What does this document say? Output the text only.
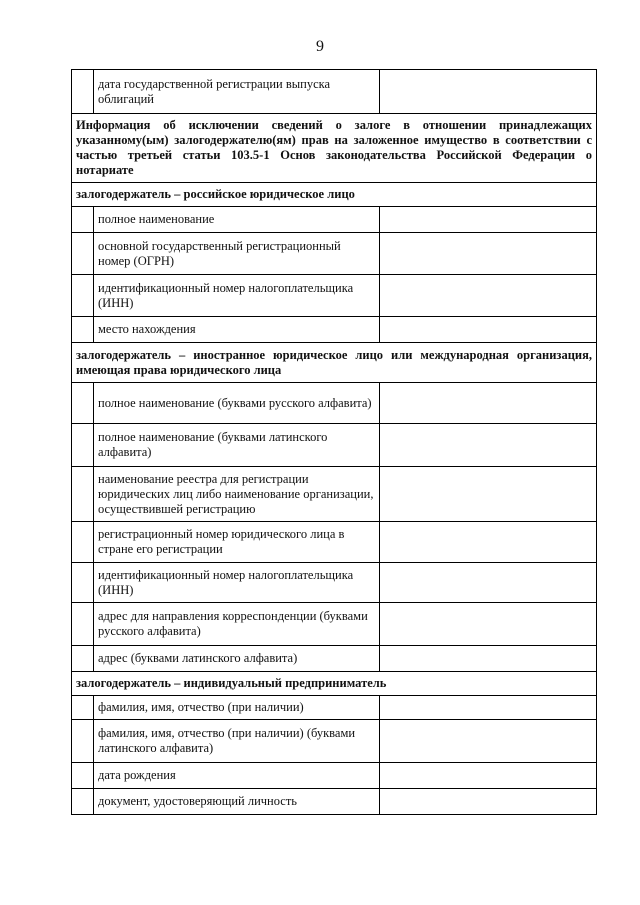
9
	дата государственной регистрации выпуска облигаций	
Информация об исключении сведений о залоге в отношении принадлежащих указанному(ым) залогодержателю(ям) прав на заложенное имущество в соответствии с частью третьей статьи 103.5-1 Основ законодательства Российской Федерации о нотариате		
залогодержатель – российское юридическое лицо		
	полное наименование	
	основной государственный регистрационный номер (ОГРН)	
	идентификационный номер налогоплательщика (ИНН)	
	место нахождения	
залогодержатель – иностранное юридическое лицо или международная организация, имеющая права юридического лица		
	полное наименование (буквами русского алфавита)	
	полное наименование (буквами латинского алфавита)	
	наименование реестра для регистрации юридических лиц либо наименование организации, осуществившей регистрацию	
	регистрационный номер юридического лица в стране его регистрации	
	идентификационный номер налогоплательщика (ИНН)	
	адрес для направления корреспонденции (буквами русского алфавита)	
	адрес (буквами латинского алфавита)	
залогодержатель – индивидуальный предприниматель		
	фамилия, имя, отчество (при наличии)	
	фамилия, имя, отчество (при наличии) (буквами латинского алфавита)	
	дата рождения	
	документ, удостоверяющий личность	
